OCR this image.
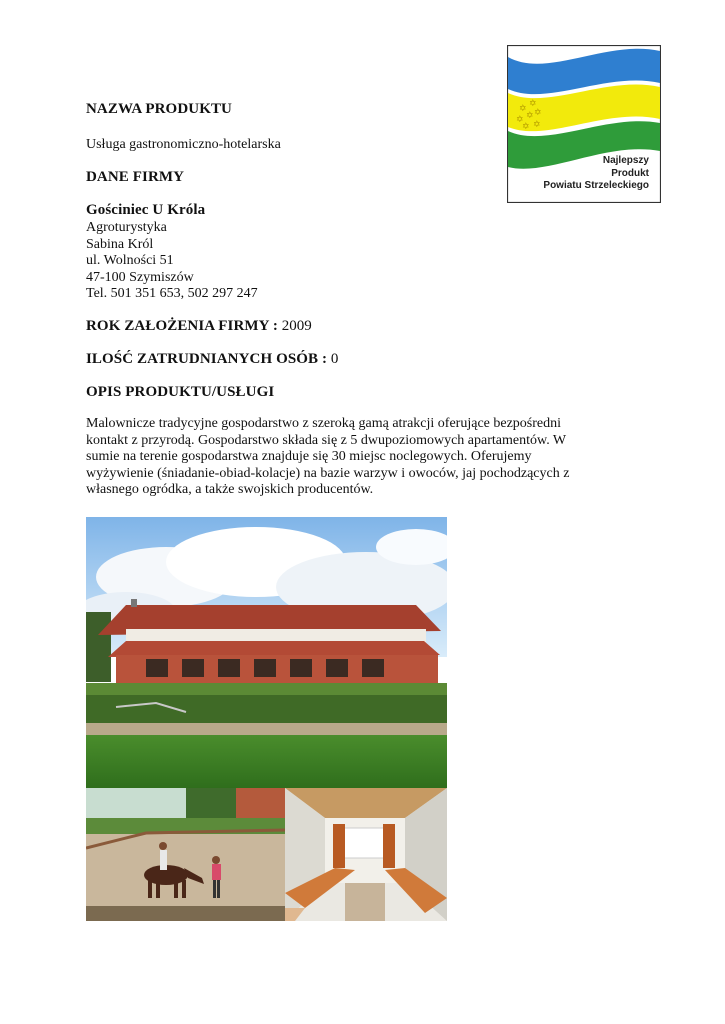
✡ ✡
✡ ✡ ✡
✡ ✡
Najlepszy
Produkt
Powiatu Strzeleckiego
NAZWA PRODUKTU
Usługa gastronomiczno-hotelarska
DANE FIRMY
Gościniec U Króla
Agroturystyka
Sabina Król
ul. Wolności 51
47-100 Szymiszów
Tel. 501 351 653, 502 297 247
ROK ZAŁOŻENIA FIRMY : 2009
ILOŚĆ ZATRUDNIANYCH OSÓB : 0
OPIS PRODUKTU/USŁUGI
Malownicze tradycyjne gospodarstwo z szeroką gamą atrakcji oferujące bezpośredni
kontakt z przyrodą. Gospodarstwo składa się z 5 dwupoziomowych apartamentów. W
sumie na terenie gospodarstwa znajduje się 30 miejsc noclegowych. Oferujemy
wyżywienie (śniadanie-obiad-kolacje) na bazie warzyw i owoców, jaj pochodzących z
własnego ogródka, a także swojskich producentów.
